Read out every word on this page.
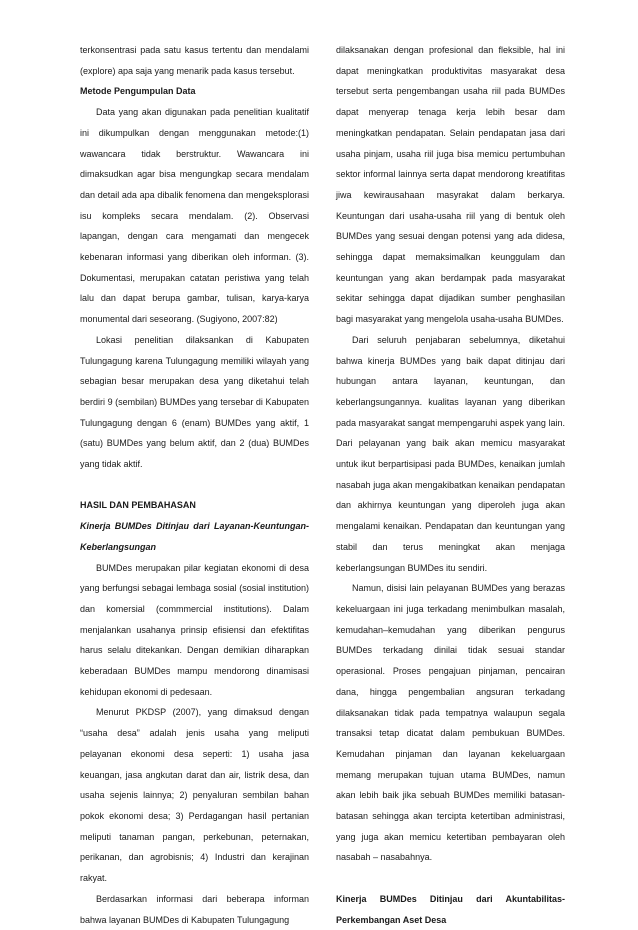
terkonsentrasi pada satu kasus tertentu dan mendalami (explore) apa saja yang menarik pada kasus tersebut.

Metode Pengumpulan Data

Data yang akan digunakan pada penelitian kualitatif ini dikumpulkan dengan menggunakan metode:(1) wawancara tidak berstruktur. Wawancara ini dimaksudkan agar bisa mengungkap secara mendalam dan detail ada apa dibalik fenomena dan mengeksplorasi isu kompleks secara mendalam. (2). Observasi lapangan, dengan cara mengamati dan mengecek kebenaran informasi yang diberikan oleh informan. (3). Dokumentasi, merupakan catatan peristiwa yang telah lalu dan dapat berupa gambar, tulisan, karya-karya monumental dari seseorang. (Sugiyono, 2007:82)

Lokasi penelitian dilaksankan di Kabupaten Tulungagung karena Tulungagung memiliki wilayah yang sebagian besar merupakan desa yang diketahui telah berdiri 9 (sembilan) BUMDes yang tersebar di Kabupaten Tulungagung dengan 6 (enam) BUMDes yang aktif, 1 (satu) BUMDes yang belum aktif, dan 2 (dua) BUMDes yang tidak aktif.

HASIL DAN PEMBAHASAN

Kinerja BUMDes Ditinjau dari Layanan-Keuntungan-Keberlangsungan

BUMDes merupakan pilar kegiatan ekonomi di desa yang berfungsi sebagai lembaga sosial (sosial institution) dan komersial (commmercial institutions). Dalam menjalankan usahanya prinsip efisiensi dan efektifitas harus selalu ditekankan. Dengan demikian diharapkan keberadaan BUMDes mampu mendorong dinamisasi kehidupan ekonomi di pedesaan.

Menurut PKDSP (2007), yang dimaksud dengan “usaha desa” adalah jenis usaha yang meliputi pelayanan ekonomi desa seperti: 1) usaha jasa keuangan, jasa angkutan darat dan air, listrik desa, dan usaha sejenis lainnya; 2) penyaluran sembilan bahan pokok ekonomi desa; 3) Perdagangan hasil pertanian meliputi tanaman pangan, perkebunan, peternakan, perikanan, dan agrobisnis; 4) Industri dan kerajinan rakyat.

Berdasarkan informasi dari beberapa informan bahwa layanan BUMDes di Kabupaten Tulungagung

dilaksanakan dengan profesional dan fleksible, hal ini dapat meningkatkan produktivitas masyarakat desa tersebut serta pengembangan usaha riil pada BUMDes dapat menyerap tenaga kerja lebih besar dam meningkatkan pendapatan. Selain pendapatan jasa dari usaha pinjam, usaha riil juga bisa memicu pertumbuhan sektor informal lainnya serta dapat mendorong kreatifitas jiwa kewirausahaan masyrakat dalam berkarya. Keuntungan dari usaha-usaha riil yang di bentuk oleh BUMDes yang sesuai dengan potensi yang ada didesa, sehingga dapat memaksimalkan keunggulam dan keuntungan yang akan berdampak pada masyarakat sekitar sehingga dapat dijadikan sumber penghasilan bagi masyarakat yang mengelola usaha-usaha BUMDes.

Dari seluruh penjabaran sebelumnya, diketahui bahwa kinerja BUMDes yang baik dapat ditinjau dari hubungan antara layanan, keuntungan, dan keberlangsungannya. kualitas layanan yang diberikan pada masyarakat sangat mempengaruhi aspek yang lain. Dari pelayanan yang baik akan memicu masyarakat untuk ikut berpartisipasi pada BUMDes, kenaikan jumlah nasabah juga akan mengakibatkan kenaikan pendapatan dan akhirnya keuntungan yang diperoleh juga akan mengalami kenaikan. Pendapatan dan keuntungan yang stabil dan terus meningkat akan menjaga keberlangsungan BUMDes itu sendiri.

Namun, disisi lain pelayanan BUMDes yang berazas kekeluargaan ini juga terkadang menimbulkan masalah, kemudahan–kemudahan yang diberikan pengurus BUMDes terkadang dinilai tidak sesuai standar operasional. Proses pengajuan pinjaman, pencairan dana, hingga pengembalian angsuran terkadang dilaksanakan tidak pada tempatnya walaupun segala transaksi tetap dicatat dalam pembukuan BUMDes. Kemudahan pinjaman dan layanan kekeluargaan memang merupakan tujuan utama BUMDes, namun akan lebih baik jika sebuah BUMDes memiliki batasan-batasan sehingga akan tercipta ketertiban administrasi, yang juga akan memicu ketertiban pembayaran oleh nasabah – nasabahnya.

Kinerja BUMDes Ditinjau dari Akuntabilitas-Perkembangan Aset Desa
